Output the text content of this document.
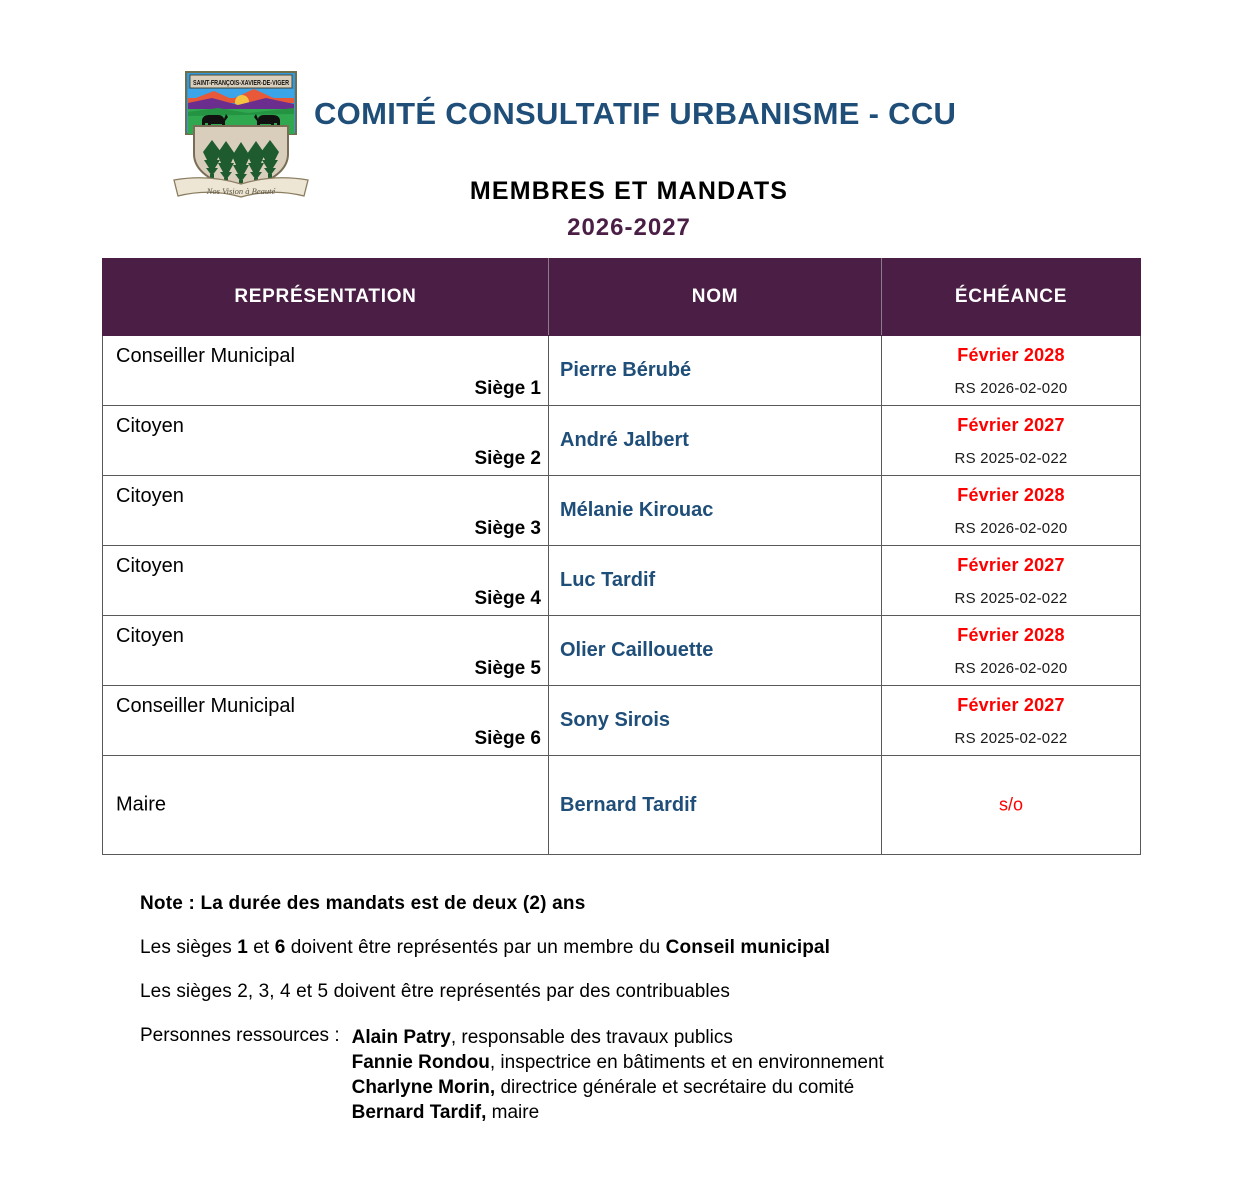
SAINT-FRANÇOIS-XAVIER-DE-VIGER
Nos Vision à Beauté
COMITÉ CONSULTATIF URBANISME - CCU
MEMBRES ET MANDATS
2026-2027
REPRÉSENTATION	NOM	ÉCHÉANCE

Conseiller Municipal
Siège 1	Pierre Bérubé	Février 2028
RS 2026-02-020

Citoyen
Siège 2	André Jalbert	Février 2027
RS 2025-02-022

Citoyen
Siège 3	Mélanie Kirouac	Février 2028
RS 2026-02-020

Citoyen
Siège 4	Luc Tardif	Février 2027
RS 2025-02-022

Citoyen
Siège 5	Olier Caillouette	Février 2028
RS 2026-02-020

Conseiller Municipal
Siège 6	Sony Sirois	Février 2027
RS 2025-02-022

Maire	Bernard Tardif	s/o
Note : La durée des mandats est de deux (2) ans
Les sièges 1 et 6 doivent être représentés par un membre du Conseil municipal
Les sièges 2, 3, 4 et 5 doivent être représentés par des contribuables
Personnes ressources : Alain Patry, responsable des travaux publics
Fannie Rondou, inspectrice en bâtiments et en environnement
Charlyne Morin, directrice générale et secrétaire du comité
Bernard Tardif, maire
